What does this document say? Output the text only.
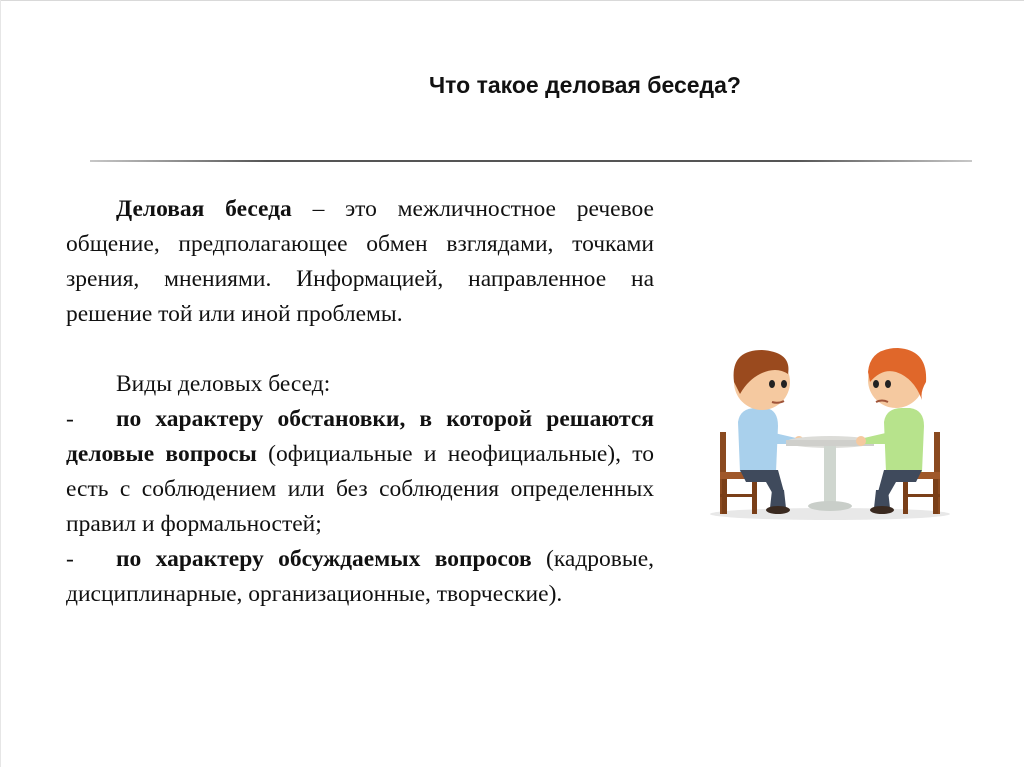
Что такое деловая беседа?

Деловая беседа – это межличностное речевое общение, предполагающее обмен взглядами, точками зрения, мнениями. Информацией, направленное на решение той или иной проблемы.

Виды деловых бесед:

- по характеру обстановки, в которой решаются деловые вопросы (официальные и неофициальные), то есть с соблюдением или без соблюдения определенных правил и формальностей;

- по характеру обсуждаемых вопросов (кадровые, дисциплинарные, организационные, творческие).
